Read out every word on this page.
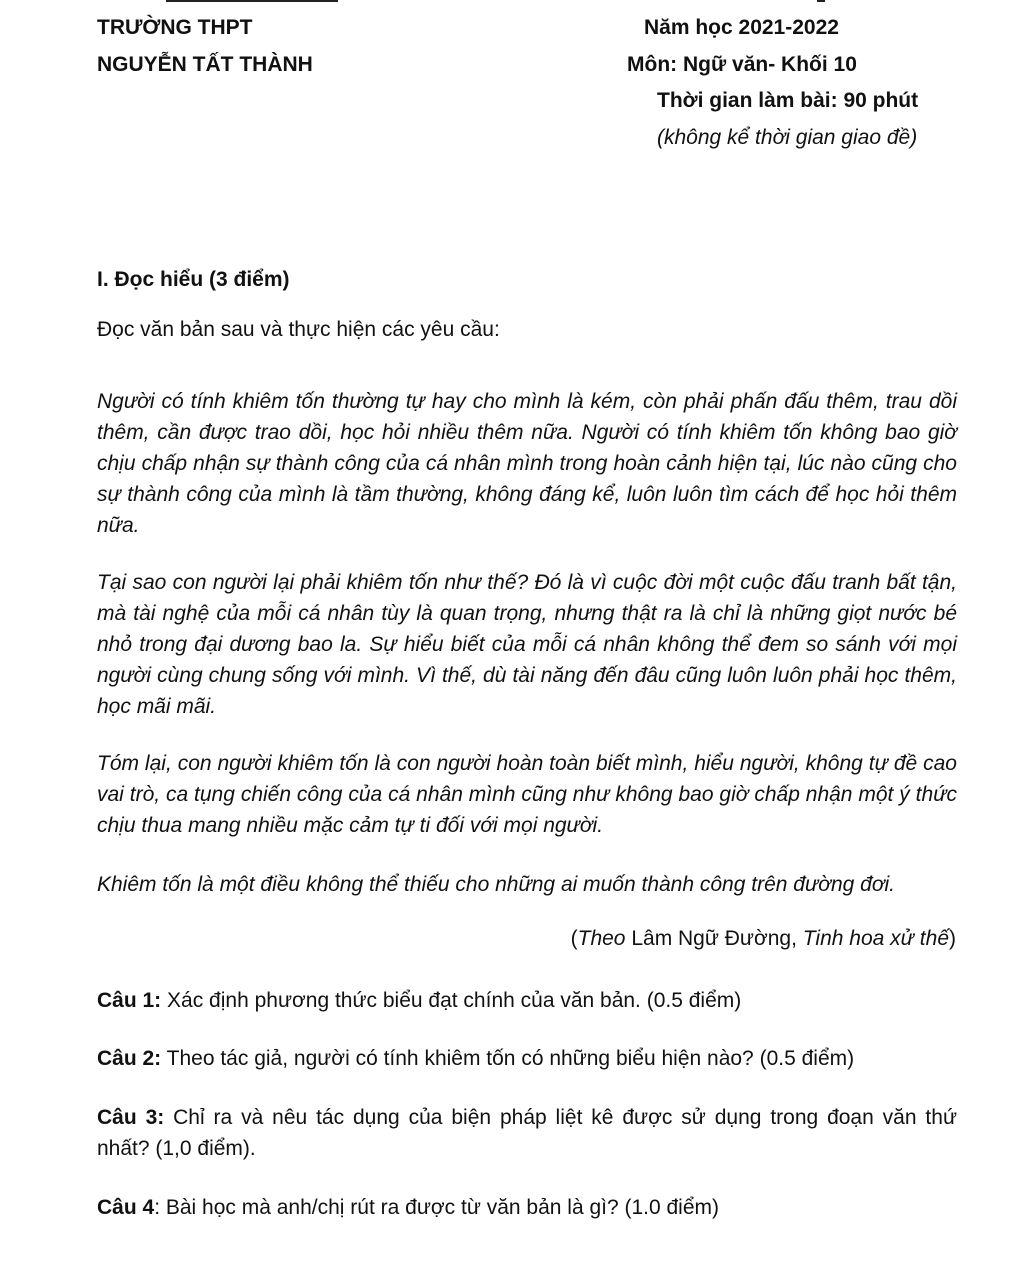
TRƯỜNG THPT
NGUYỄN TẤT THÀNH
Năm học 2021-2022
Môn: Ngữ văn- Khối 10
Thời gian làm bài: 90 phút
(không kể thời gian giao đề)
I. Đọc hiểu (3 điểm)
Đọc văn bản sau và thực hiện các yêu cầu:

Người có tính khiêm tốn thường tự hay cho mình là kém, còn phải phấn đấu thêm, trau dồi thêm, cần được trao dồi, học hỏi nhiều thêm nữa. Người có tính khiêm tốn không bao giờ chịu chấp nhận sự thành công của cá nhân mình trong hoàn cảnh hiện tại, lúc nào cũng cho sự thành công của mình là tầm thường, không đáng kể, luôn luôn tìm cách để học hỏi thêm nữa.

Tại sao con người lại phải khiêm tốn như thế? Đó là vì cuộc đời một cuộc đấu tranh bất tận, mà tài nghệ của mỗi cá nhân tùy là quan trọng, nhưng thật ra là chỉ là những giọt nước bé nhỏ trong đại dương bao la. Sự hiểu biết của mỗi cá nhân không thể đem so sánh với mọi người cùng chung sống với mình. Vì thế, dù tài năng đến đâu cũng luôn luôn phải học thêm, học mãi mãi.

Tóm lại, con người khiêm tốn là con người hoàn toàn biết mình, hiểu người, không tự đề cao vai trò, ca tụng chiến công của cá nhân mình cũng như không bao giờ chấp nhận một ý thức chịu thua mang nhiều mặc cảm tự ti đối với mọi người.

Khiêm tốn là một điều không thể thiếu cho những ai muốn thành công trên đường đơi.

(Theo Lâm Ngữ Đường, Tinh hoa xử thế)

Câu 1: Xác định phương thức biểu đạt chính của văn bản. (0.5 điểm)

Câu 2: Theo tác giả, người có tính khiêm tốn có những biểu hiện nào? (0.5 điểm)

Câu 3: Chỉ ra và nêu tác dụng của biện pháp liệt kê được sử dụng trong đoạn văn thứ nhất? (1,0 điểm).

Câu 4: Bài học mà anh/chị rút ra được từ văn bản là gì? (1.0 điểm)
